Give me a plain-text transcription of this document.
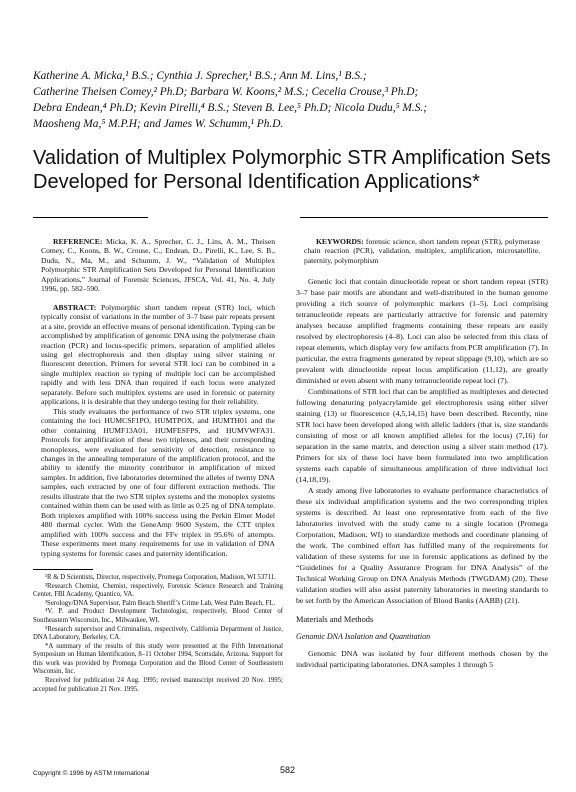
Katherine A. Micka,¹ B.S.; Cynthia J. Sprecher,¹ B.S.; Ann M. Lins,¹ B.S.;

Catherine Theisen Comey,² Ph.D; Barbara W. Koons,² M.S.; Cecelia Crouse,³ Ph.D;

Debra Endean,⁴ Ph.D; Kevin Pirelli,⁴ B.S.; Steven B. Lee,⁵ Ph.D; Nicola Dudu,⁵ M.S.;

Maosheng Ma,⁵ M.P.H; and James W. Schumm,¹ Ph.D.

Validation of Multiplex Polymorphic STR Amplification Sets
Developed for Personal Identification Applications*

REFERENCE: Micka, K. A., Sprecher, C. J., Lins, A. M., Theisen Comey, C., Koons, B. W., Crouse, C., Endean, D., Pirelli, K., Lee, S. B., Dudu, N., Ma, M., and Schumm, J. W., “Validation of Multiplex Polymorphic STR Amplification Sets Developed for Personal Identification Applications,” Journal of Forensic Sciences, JFSCA, Vol. 41, No. 4, July 1996, pp. 582–590.

ABSTRACT: Polymorphic short tandem repeat (STR) loci, which typically consist of variations in the number of 3–7 base pair repeats present at a site, provide an effective means of personal identification. Typing can be accomplished by amplification of genomic DNA using the polymerase chain reaction (PCR) and locus-specific primers, separation of amplified alleles using gel electrophoresis and then display using silver staining or fluorescent detection. Primers for several STR loci can be combined in a single multiplex reaction so typing of multiple loci can be accomplished rapidly and with less DNA than required if each locus were analyzed separately. Before such multiplex systems are used in forensic or paternity applications, it is desirable that they undergo testing for their reliability.

This study evaluates the performance of two STR triplex systems, one containing the loci HUMCSF1PO, HUMTPOX, and HUMTH01 and the other containing HUMF13A01, HUMFESFPS, and HUMVWFA31. Protocols for amplification of these two triplexes, and their corresponding monoplexes, were evaluated for sensitivity of detection, resistance to changes in the annealing temperature of the amplification protocol, and the ability to identify the minority contributor in amplification of mixed samples. In addition, five laboratories determined the alleles of twenty DNA samples, each extracted by one of four different extraction methods. The results illustrate that the two STR triplex systems and the monoplex systems contained within them can be used with as little as 0.25 ng of DNA template. Both triplexes amplified with 100% success using the Perkin Elmer Model 480 thermal cycler. With the GeneAmp 9600 System, the CTT triplex amplified with 100% success and the FFv triplex in 95.6% of attempts. These experiments meet many requirements for use in validation of DNA typing systems for forensic cases and paternity identification.

¹R & D Scientists, Director, respectively, Promega Corporation, Madison, WI 53711.

²Research Chemist, Chemist, respectively, Forensic Science Research and Training Center, FBI Academy, Quantico, VA.

³Serology/DNA Supervisor, Palm Beach Sheriff’s Crime Lab, West Palm Beach, FL.

⁴V. P. and Product Development Technologist, respectively, Blood Center of Southeastern Wisconsin, Inc., Milwaukee, WI.

⁵Research supervisor and Criminalists, respectively, California Department of Justice, DNA Laboratory, Berkeley, CA.

*A summary of the results of this study were presented at the Fifth International Symposium on Human Identification, 8–11 October 1994, Scottsdale, Arizona. Support for this work was provided by Promega Corporation and the Blood Center of Southeastern Wisconsin, Inc.

Received for publication 24 Aug. 1995; revised manuscript received 20 Nov. 1995; accepted for publication 21 Nov. 1995.

KEYWORDS: forensic science, short tandem repeat (STR), polymerase chain reaction (PCR), validation, multiplex, amplification, microsatellite, paternity, polymorphism

Genetic loci that contain dinucleotide repeat or short tandem repeat (STR) 3–7 base pair motifs are abundant and well-distributed in the human genome providing a rich source of polymorphic markers (1–5). Loci comprising tetranucleotide repeats are particularly attractive for forensic and paternity analyses because amplified fragments containing these repeats are easily resolved by electrophoresis (4–8). Loci can also be selected from this class of repeat elements, which display very few artifacts from PCR amplification (7). In particular, the extra fragments generated by repeat slippage (9,10), which are so prevalent with dinucleotide repeat locus amplification (11,12), are greatly diminished or even absent with many tetranucleotide repeat loci (7).

Combinations of STR loci that can be amplified as multiplexes and detected following denaturing polyacrylamide gel electrophoresis using either silver staining (13) or fluorescence (4,5,14,15) have been described. Recently, nine STR loci have been developed along with allelic ladders (that is, size standards consisting of most or all known amplified alleles for the locus) (7,16) for separation in the same matrix, and detection using a silver stain method (17). Primers for six of these loci have been formulated into two amplification systems each capable of simultaneous amplification of three individual loci (14,18,19).

A study among five laboratories to evaluate performance characteristics of these six individual amplification systems and the two corresponding triplex systems is described. At least one representative from each of the five laboratories involved with the study came to a single location (Promega Corporation, Madison, WI) to standardize methods and coordinate planning of the work. The combined effort has fulfilled many of the requirements for validation of these systems for use in forensic applications as defined by the “Guidelines for a Quality Assurance Program for DNA Analysis” of the Technical Working Group on DNA Analysis Methods (TWGDAM) (20). These validation studies will also assist paternity laboratories in meeting standards to be set forth by the American Association of Blood Banks (AABB) (21).

Materials and Methods
Genomic DNA Isolation and Quantitation

Genomic DNA was isolated by four different methods chosen by the individual participating laboratories. DNA samples 1 through 5

Copyright © 1996 by ASTM International	582
